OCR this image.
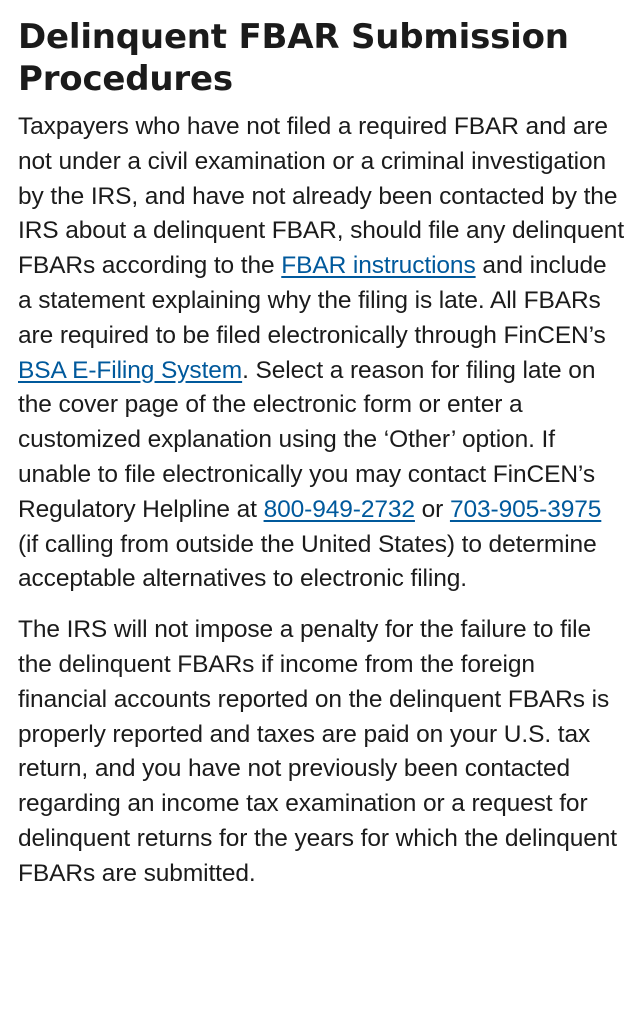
Delinquent FBAR Submission Procedures

Taxpayers who have not filed a required FBAR and are not under a civil examination or a criminal investigation by the IRS, and have not already been contacted by the IRS about a delinquent FBAR, should file any delinquent FBARs according to the FBAR instructions and include a statement explaining why the filing is late. All FBARs are required to be filed electronically through FinCEN’s BSA E-Filing System. Select a reason for filing late on the cover page of the electronic form or enter a customized explanation using the ‘Other’ option. If unable to file electronically you may contact FinCEN’s Regulatory Helpline at 800-949-2732 or 703-905-3975 (if calling from outside the United States) to determine acceptable alternatives to electronic filing.

The IRS will not impose a penalty for the failure to file the delinquent FBARs if income from the foreign financial accounts reported on the delinquent FBARs is properly reported and taxes are paid on your U.S. tax return, and you have not previously been contacted regarding an income tax examination or a request for delinquent returns for the years for which the delinquent FBARs are submitted.
